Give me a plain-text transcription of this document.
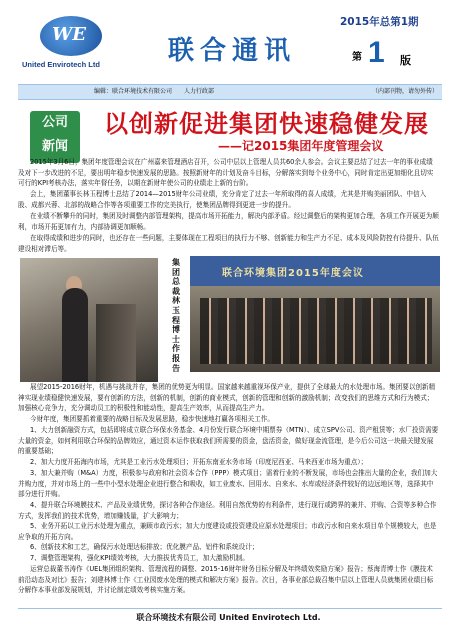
WE
United Envirotech Ltd	联合通讯
2015年总第1期
第 1 版
编辑：联合环境技术有限公司　　人力行政部	（内部刊物，请勿外传）
公司
新闻
以创新促进集团快速稳健发展
——记2015集团年度管理会议
2015年3月6日，集团年度管理会议在广州嘉来管理酒店召开，公司中层以上管理人员共60余人参会。会议主要总结了过去一年的事业成绩及对下一步改进的不足，要出明年稳步快速发展的思路。按照新财年的计划及奋斗目标，分解落实到每个业务中心，同时肯定出更加细化且切实可行的KPI考核办法，落实年督任务，以期在新财年使公司的业绩走上新的台阶。
会上，集团董事长林玉程博士总结了2014—2015财年公司业绩，充分肯定了过去一年所取得的喜人成绩，尤其是并购美丽团队、中信入股、成都兴蓉、北部的战略合作等各项重要工作的完美执行，使集团品牌得到更进一步的提升。
在业绩不断攀升的同时，集团及时调整内部管理架构，提高市场开拓能力，解决内部矛盾。经过调整后的架构更加合理，各项工作开展更为顺利，市场开拓更加有力，内部协调更加顺畅。
在取得成绩和进步的同时，也还存在一些问题，主要体现在工程项目的执行力不够、创新能力和生产力不足、成本及风险防控有待提升、队伍建设相对滞后等。
集团总裁林玉程博士作报告
联合环境集团2015年度会议
展望2015-2016财年，机遇与挑战并存，集团的优势更为明显。国家越来越重视环保产业，提供了全球最大的水处理市场。集团要以创新精神实现业绩稳健快速发展，要有创新的方法，创新的机制，创新的商业模式，创新的管理和创新的激励机制；改变我们的思维方式和行为模式；加强核心竞争力，充分调动员工的积极性和能动性，提高生产效率，从而提高生产力。
今财年度，集团要抓着重要的战略目标及发展思路，稳步快速地打赢各项相关工作。
1、大力创新融资方式，包括即将成立联合环保水务基金、4月份发行联合环境中期票券（MTN）、成立SPV公司、资产租赁等；水厂投资需要大量的资金，如何利用联合环保的品牌效应，通过资本运作获取我们所需要的资金，盘活资金，做好现金流管理，是今后公司这一块最关键发展的重要基础；
2、加大力度开拓海内市场，尤其是工业污水处理项目；开拓东南亚水务市场（印度尼西亚、马来西亚市场为重点）；
3、加大兼并购（M&A）力度，积极参与政府和社会资本合作（PPP）模式项目；需着行业的不断发展，市场也会推出大量的企业，我们加大并购力度，并对市场上的一些中小型水处理企业进行整合和吸收，如工业废水、回用水、自来水、水库或经济条件较好的边远地区等，选择其中部分进行并购。
4、提升联合环境膜技术、产品及业绩优势，探讨各种合作途径。利用自然优势的有利条件，进行现行或跨界的兼并、并购、合资等多种合作方式，发挥我们的技术优势，增加赚钱量，扩大影响力；
5、业务开拓以工业污水处理为重点，兼顾市政污水；加大力度建设或投资建设应原水处理项目；市政污水和自来水项目单个规模较大，也是应争取的开拓方向。
6、创新技术和工艺，确保污水处理达标排放；优化膜产品、铝件和系统设计；
7、调整管理架构，强化KPI绩效考核，大力推拔优秀员工，加大激励机制。
运营总裁董书涛作《UEL集团组织架构、管理流程的调整、2015-16财年财务目标分解及年终绩效奖励方案》报告；蔡海青博士作《膜技术前沿动态及对比》报告；刘建林博士作《工业园废水处理的模式和解决方案》报告。次日，各事业部总裁召集中层以上管理人员就集团业绩目标分解作本事业部发展规划，并讨论制定绩效考核实施方案。
联合环境技术有限公司 United Envirotech Ltd.
